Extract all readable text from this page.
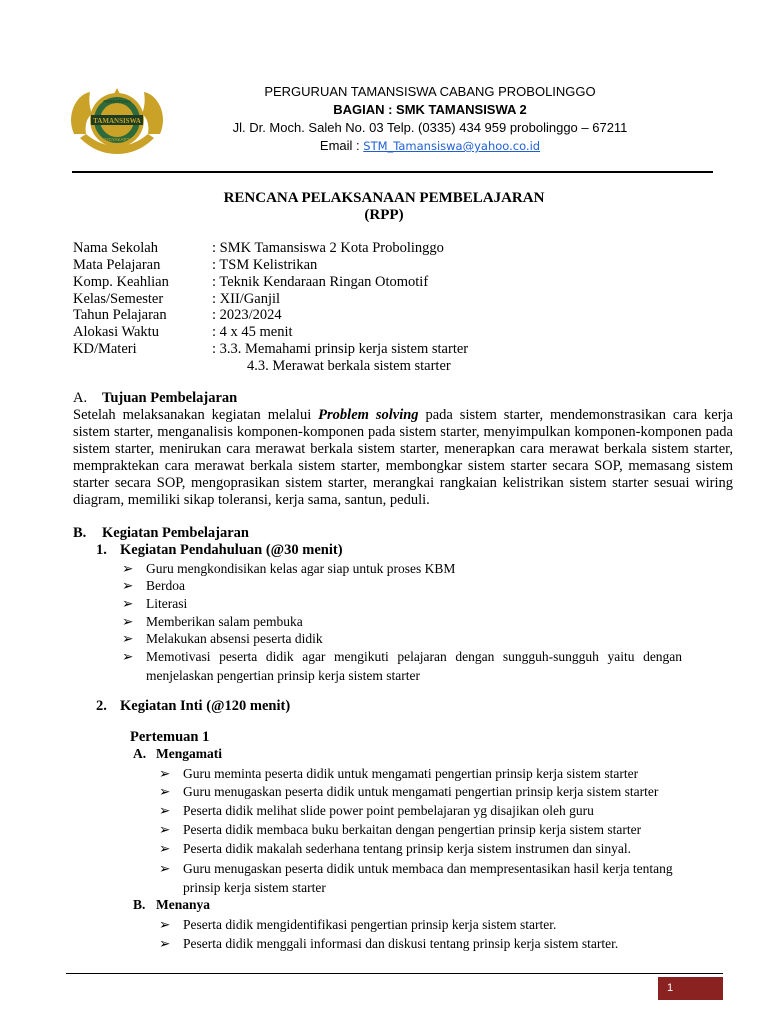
TAMANSISWA
PERSATUAN
YOGYAKARTA
PERGURUAN TAMANSISWA CABANG PROBOLINGGO
BAGIAN : SMK TAMANSISWA 2
Jl. Dr. Moch. Saleh No. 03 Telp. (0335) 434 959 probolinggo – 67211
Email : STM_Tamansiswa@yahoo.co.id
RENCANA PELAKSANAAN PEMBELAJARAN
(RPP)
Nama Sekolah	: SMK Tamansiswa 2 Kota Probolinggo
Mata Pelajaran	: TSM Kelistrikan
Komp. Keahlian	: Teknik Kendaraan Ringan Otomotif
Kelas/Semester	: XII/Ganjil
Tahun Pelajaran	: 2023/2024
Alokasi Waktu	: 4 x 45 menit
KD/Materi	: 3.3. Memahami prinsip kerja sistem starter
4.3. Merawat berkala sistem starter
A. Tujuan Pembelajaran

Setelah melaksanakan kegiatan melalui Problem solving pada sistem starter, mendemonstrasikan cara kerja sistem starter, menganalisis komponen-komponen pada sistem starter, menyimpulkan komponen-komponen pada sistem starter, menirukan cara merawat berkala sistem starter, menerapkan cara merawat berkala sistem starter, mempraktekan cara merawat berkala sistem starter, membongkar sistem starter secara SOP, memasang sistem starter secara SOP, mengoprasikan sistem starter, merangkai rangkaian kelistrikan sistem starter sesuai wiring diagram, memiliki sikap toleransi, kerja sama, santun, peduli.

B. Kegiatan Pembelajaran
1. Kegiatan Pendahuluan (@30 menit)
➢ Guru mengkondisikan kelas agar siap untuk proses KBM
➢ Berdoa
➢ Literasi
➢ Memberikan salam pembuka
➢ Melakukan absensi peserta didik
➢ Memotivasi peserta didik agar mengikuti pelajaran dengan sungguh-sungguh yaitu dengan
menjelaskan pengertian prinsip kerja sistem starter
2. Kegiatan Inti (@120 menit)
Pertemuan 1
A. Mengamati
➢ Guru meminta peserta didik untuk mengamati pengertian prinsip kerja sistem starter
➢ Guru menugaskan peserta didik untuk mengamati pengertian prinsip kerja sistem starter
➢ Peserta didik melihat slide power point pembelajaran yg disajikan oleh guru
➢ Peserta didik membaca buku berkaitan dengan pengertian prinsip kerja sistem starter
➢ Peserta didik makalah sederhana tentang prinsip kerja sistem instrumen dan sinyal.
➢ Guru menugaskan peserta didik untuk membaca dan mempresentasikan hasil kerja tentang
prinsip kerja sistem starter
B. Menanya
➢ Peserta didik mengidentifikasi pengertian prinsip kerja sistem starter.
➢ Peserta didik menggali informasi dan diskusi tentang prinsip kerja sistem starter.
1
